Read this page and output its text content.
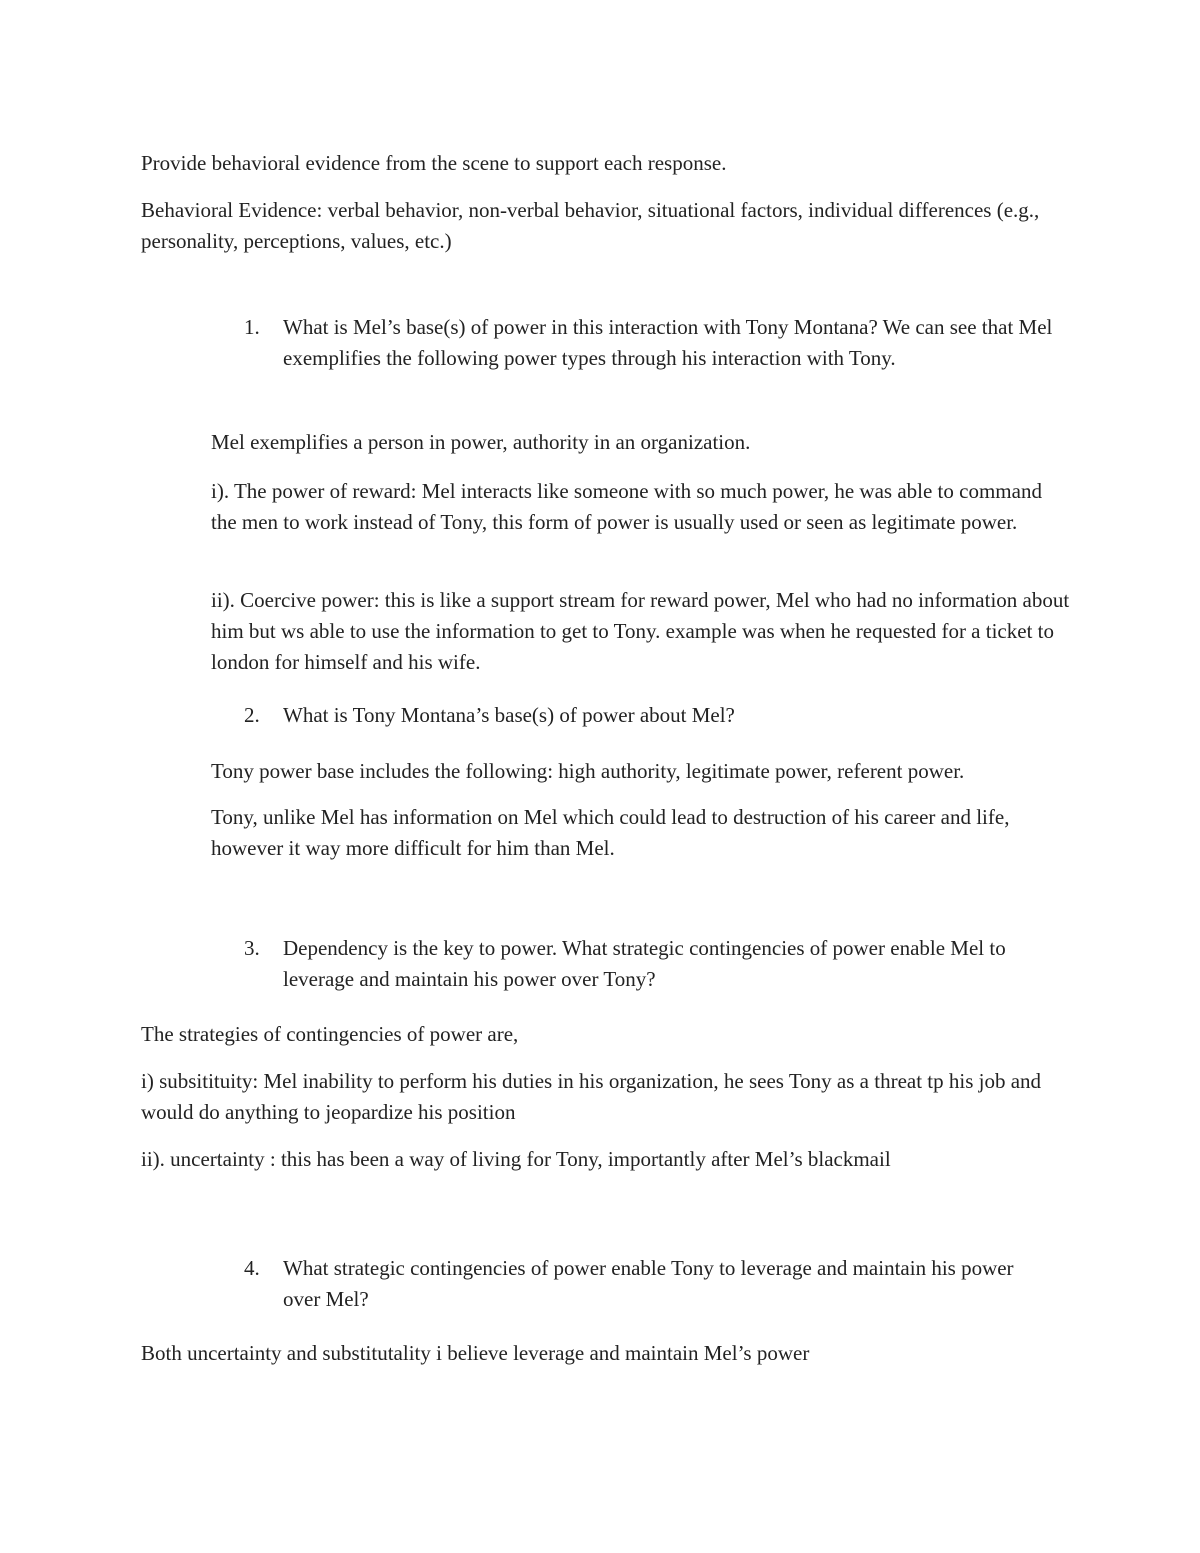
Provide behavioral evidence from the scene to support each response.

Behavioral Evidence: verbal behavior, non-verbal behavior, situational factors, individual differences (e.g., personality, perceptions, values, etc.)

1.	What is Mel’s base(s) of power in this interaction with Tony Montana? We can see that Mel exemplifies the following power types through his interaction with Tony.

Mel exemplifies a person in power, authority in an organization.

i). The power of reward: Mel interacts like someone with so much power, he was able to command the men to work instead of Tony, this form of power is usually used or seen as legitimate power.

ii). Coercive power: this is like a support stream for reward power, Mel who had no information about him but ws able to use the information to get to Tony. example was when he requested for a ticket to london for himself and his wife.

2.	What is Tony Montana’s base(s) of power about Mel?

Tony power base includes the following: high authority, legitimate power, referent power.

Tony, unlike Mel has information on Mel which could lead to destruction of his career and life, however it way more difficult for him than Mel.

3.	Dependency is the key to power. What strategic contingencies of power enable Mel to leverage and maintain his power over Tony?

The strategies of contingencies of power are,

i) subsitituity: Mel inability to perform his duties in his organization, he sees Tony as a threat tp his job and would do anything to jeopardize his position

ii). uncertainty : this has been a way of living for Tony, importantly after Mel’s blackmail

4.	What strategic contingencies of power enable Tony to leverage and maintain his power over Mel?

Both uncertainty and substitutality i believe leverage and maintain Mel’s power
